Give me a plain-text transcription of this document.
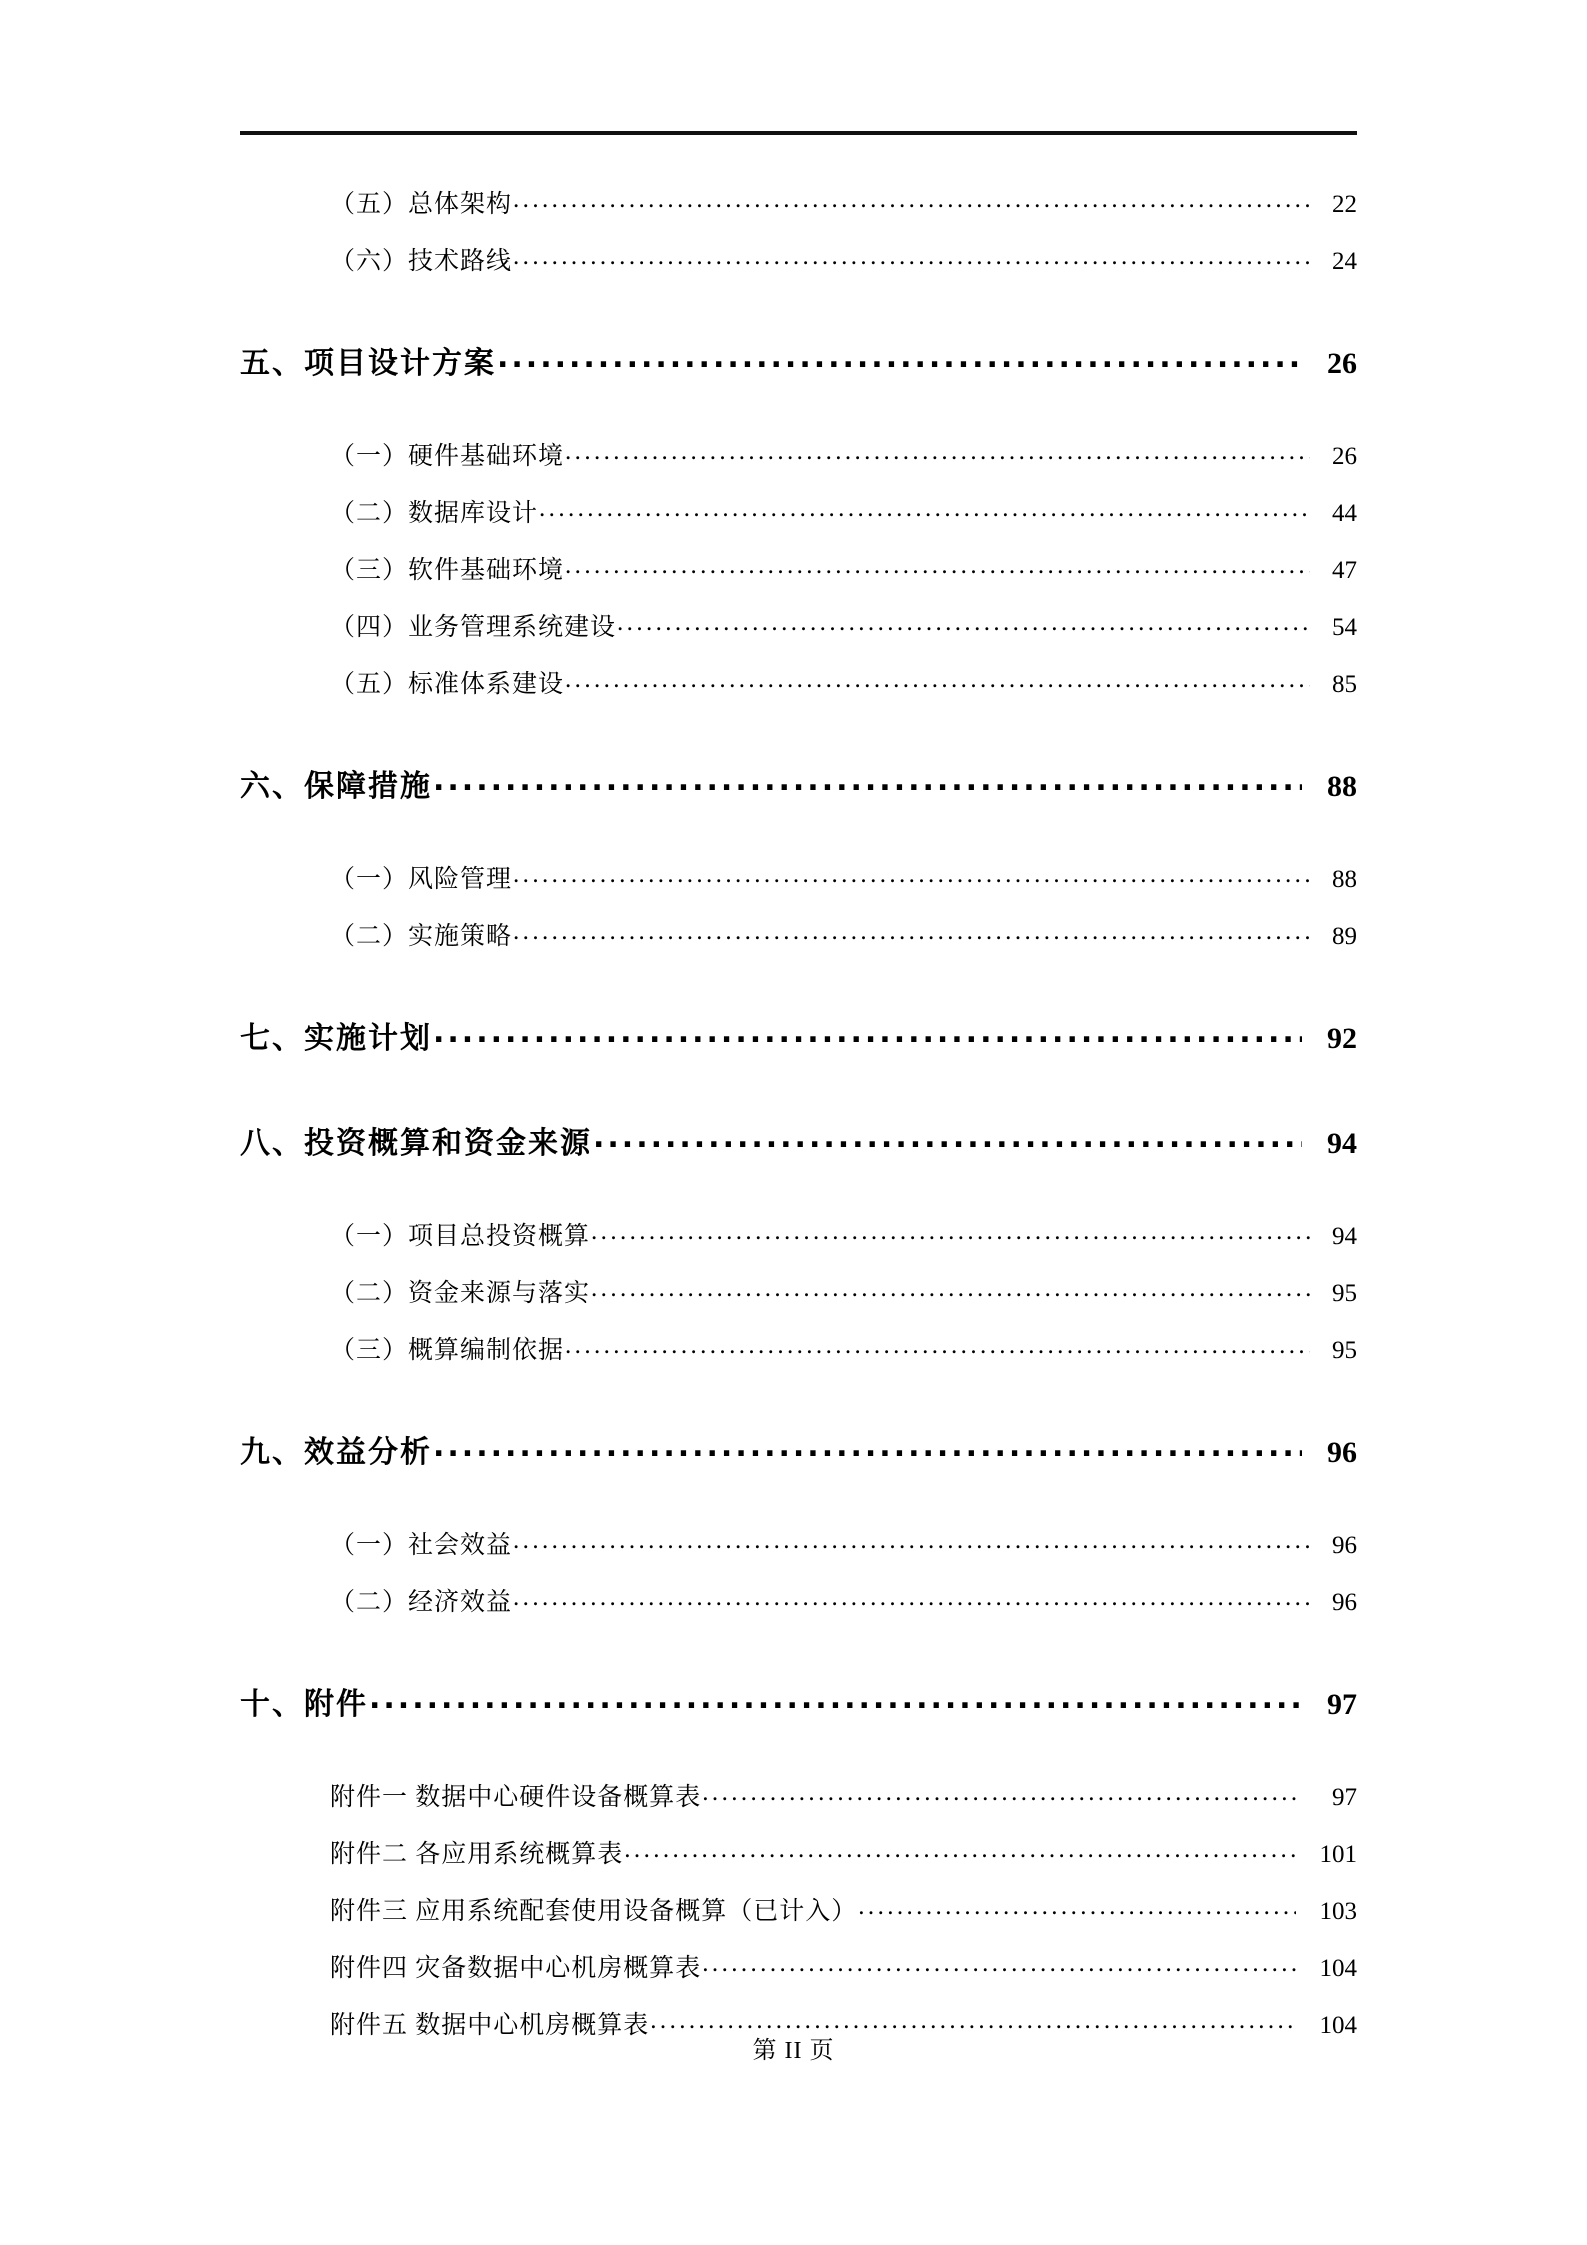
（五）总体架构 .....	22
（六）技术路线 .....	24
五、项目设计方案 .....	26
（一）硬件基础环境 .....	26
（二）数据库设计 .....	44
（三）软件基础环境 .....	47
（四）业务管理系统建设 .....	54
（五）标准体系建设 .....	85
六、保障措施 .....	88
（一）风险管理 .....	88
（二）实施策略 .....	89
七、实施计划 .....	92
八、投资概算和资金来源 .....	94
（一）项目总投资概算 .....	94
（二）资金来源与落实 .....	95
（三）概算编制依据 .....	95
九、效益分析 .....	96
（一）社会效益 .....	96
（二）经济效益 .....	96
十、附件 .....	97
附件一 数据中心硬件设备概算表 .....	97
附件二 各应用系统概算表 .....	101
附件三 应用系统配套使用设备概算（已计入） .....	103
附件四 灾备数据中心机房概算表 .....	104
附件五 数据中心机房概算表 .....	104
第 II 页
